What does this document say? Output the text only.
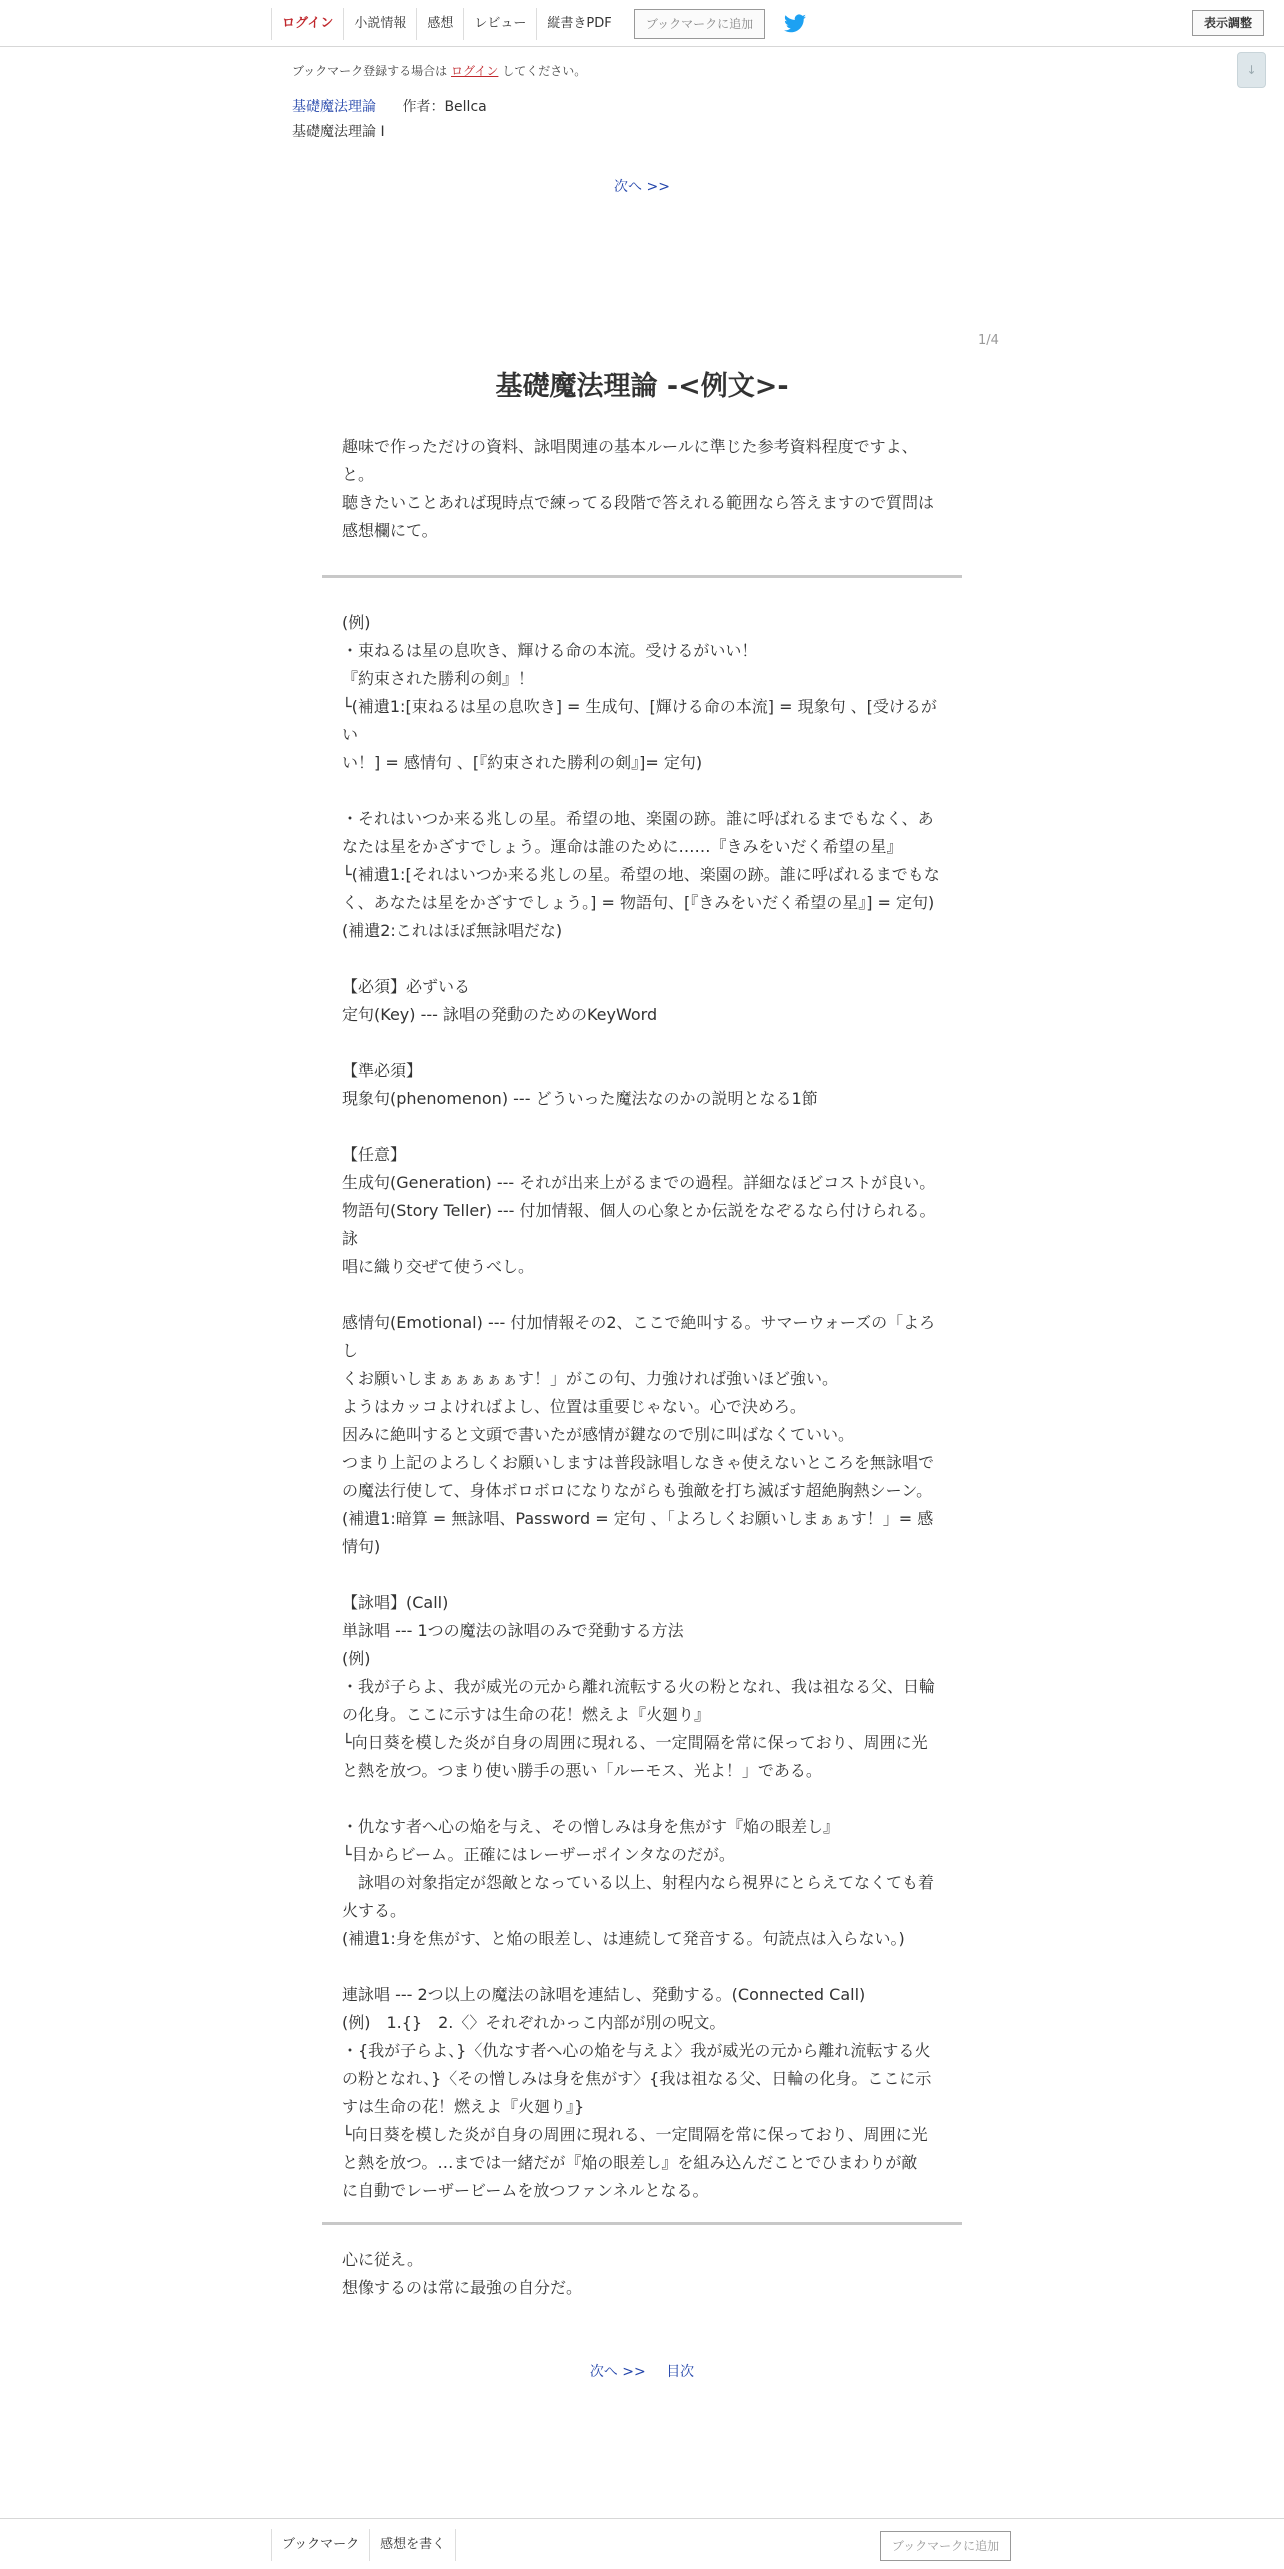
ログイン	小説情報	感想	レビュー	縦書きPDF	ブックマークに追加	表示調整
↓
ブックマーク登録する場合は ログイン してください。
基礎魔法理論 作者：Bellca
基礎魔法理論 I
次へ >>
1/4
基礎魔法理論 -<例文>-

趣味で作っただけの資料、詠唱関連の基本ルールに準じた参考資料程度ですよ、

と。

聴きたいことあれば現時点で練ってる段階で答えれる範囲なら答えますので質問は

感想欄にて。

(例)

・束ねるは星の息吹き、輝ける命の本流。受けるがいい！

『約束された勝利の剣』！

└(補遺1:[束ねるは星の息吹き] = 生成句、[輝ける命の本流] = 現象句 、[受けるがい

い！] = 感情句 、[『約束された勝利の剣』]= 定句)

・それはいつか来る兆しの星。希望の地、楽園の跡。誰に呼ばれるまでもなく、あ

なたは星をかざすでしょう。運命は誰のために……『きみをいだく希望の星』

└(補遺1:[それはいつか来る兆しの星。希望の地、楽園の跡。誰に呼ばれるまでもな

く、あなたは星をかざすでしょう。] = 物語句、[『きみをいだく希望の星』] = 定句)

(補遺2:これはほぼ無詠唱だな)

【必須】必ずいる

定句(Key) --- 詠唱の発動のためのKeyWord

【準必須】

現象句(phenomenon) --- どういった魔法なのかの説明となる1節

【任意】

生成句(Generation) --- それが出来上がるまでの過程。詳細なほどコストが良い。

物語句(Story Teller) --- 付加情報、個人の心象とか伝説をなぞるなら付けられる。詠

唱に織り交ぜて使うべし。

感情句(Emotional) --- 付加情報その2、ここで絶叫する。サマーウォーズの「よろし

くお願いしまぁぁぁぁぁす！」がこの句、力強ければ強いほど強い。

ようはカッコよければよし、位置は重要じゃない。心で決めろ。

因みに絶叫すると文頭で書いたが感情が鍵なので別に叫ばなくていい。

つまり上記のよろしくお願いしますは普段詠唱しなきゃ使えないところを無詠唱で

の魔法行使して、身体ボロボロになりながらも強敵を打ち滅ぼす超絶胸熱シーン。

(補遺1:暗算 = 無詠唱、Password = 定句 、「よろしくお願いしまぁぁす！」= 感

情句)

【詠唱】(Call)

単詠唱 --- 1つの魔法の詠唱のみで発動する方法

(例)

・我が子らよ、我が威光の元から離れ流転する火の粉となれ、我は祖なる父、日輪

の化身。ここに示すは生命の花！燃えよ『火廻り』

└向日葵を模した炎が自身の周囲に現れる、一定間隔を常に保っており、周囲に光

と熱を放つ。つまり使い勝手の悪い「ルーモス、光よ！」である。

・仇なす者へ心の焔を与え、その憎しみは身を焦がす『焔の眼差し』

└目からビーム。正確にはレーザーポインタなのだが。

　詠唱の対象指定が怨敵となっている以上、射程内なら視界にとらえてなくても着

火する。

(補遺1:身を焦がす、と焔の眼差し、は連続して発音する。句読点は入らない。)

連詠唱 --- 2つ以上の魔法の詠唱を連結し、発動する。(Connected Call)

(例)　1.{}　2.〈〉それぞれかっこ内部が別の呪文。

・{我が子らよ、}〈仇なす者へ心の焔を与えよ〉我が威光の元から離れ流転する火

の粉となれ、}〈その憎しみは身を焦がす〉{我は祖なる父、日輪の化身。ここに示

すは生命の花！燃えよ『火廻り』}

└向日葵を模した炎が自身の周囲に現れる、一定間隔を常に保っており、周囲に光

と熱を放つ。…までは一緒だが『焔の眼差し』を組み込んだことでひまわりが敵

に自動でレーザービームを放つファンネルとなる。

心に従え。

想像するのは常に最強の自分だ。

次へ >> 目次
ブックマーク	感想を書く	ブックマークに追加
